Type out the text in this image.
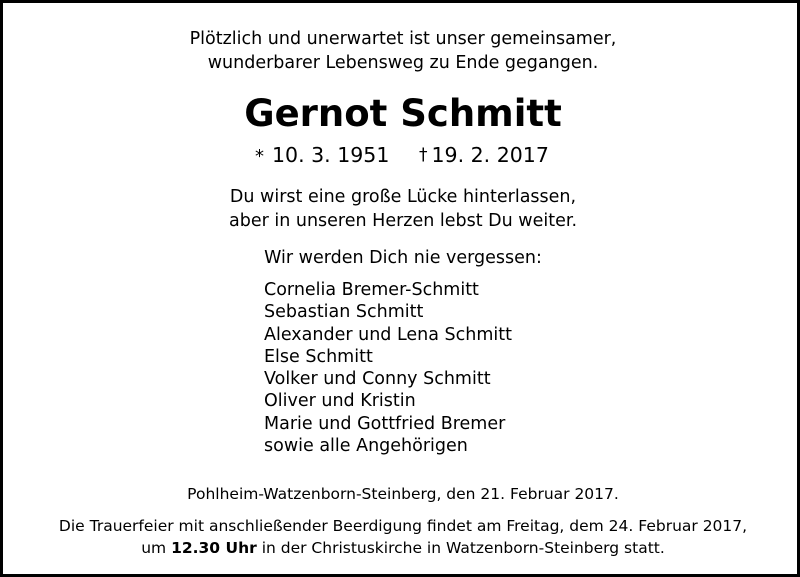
Plötzlich und unerwartet ist unser gemeinsamer,
wunderbarer Lebensweg zu Ende gegangen.
Gernot Schmitt
* 10. 3. 1951 † 19. 2. 2017
Du wirst eine große Lücke hinterlassen,
aber in unseren Herzen lebst Du weiter.
Wir werden Dich nie vergessen:
Cornelia Bremer-Schmitt
Sebastian Schmitt
Alexander und Lena Schmitt
Else Schmitt
Volker und Conny Schmitt
Oliver und Kristin
Marie und Gottfried Bremer
sowie alle Angehörigen
Pohlheim-Watzenborn-Steinberg, den 21. Februar 2017.
Die Trauerfeier mit anschließender Beerdigung findet am Freitag, dem 24. Februar 2017,
um 12.30 Uhr in der Christuskirche in Watzenborn-Steinberg statt.
